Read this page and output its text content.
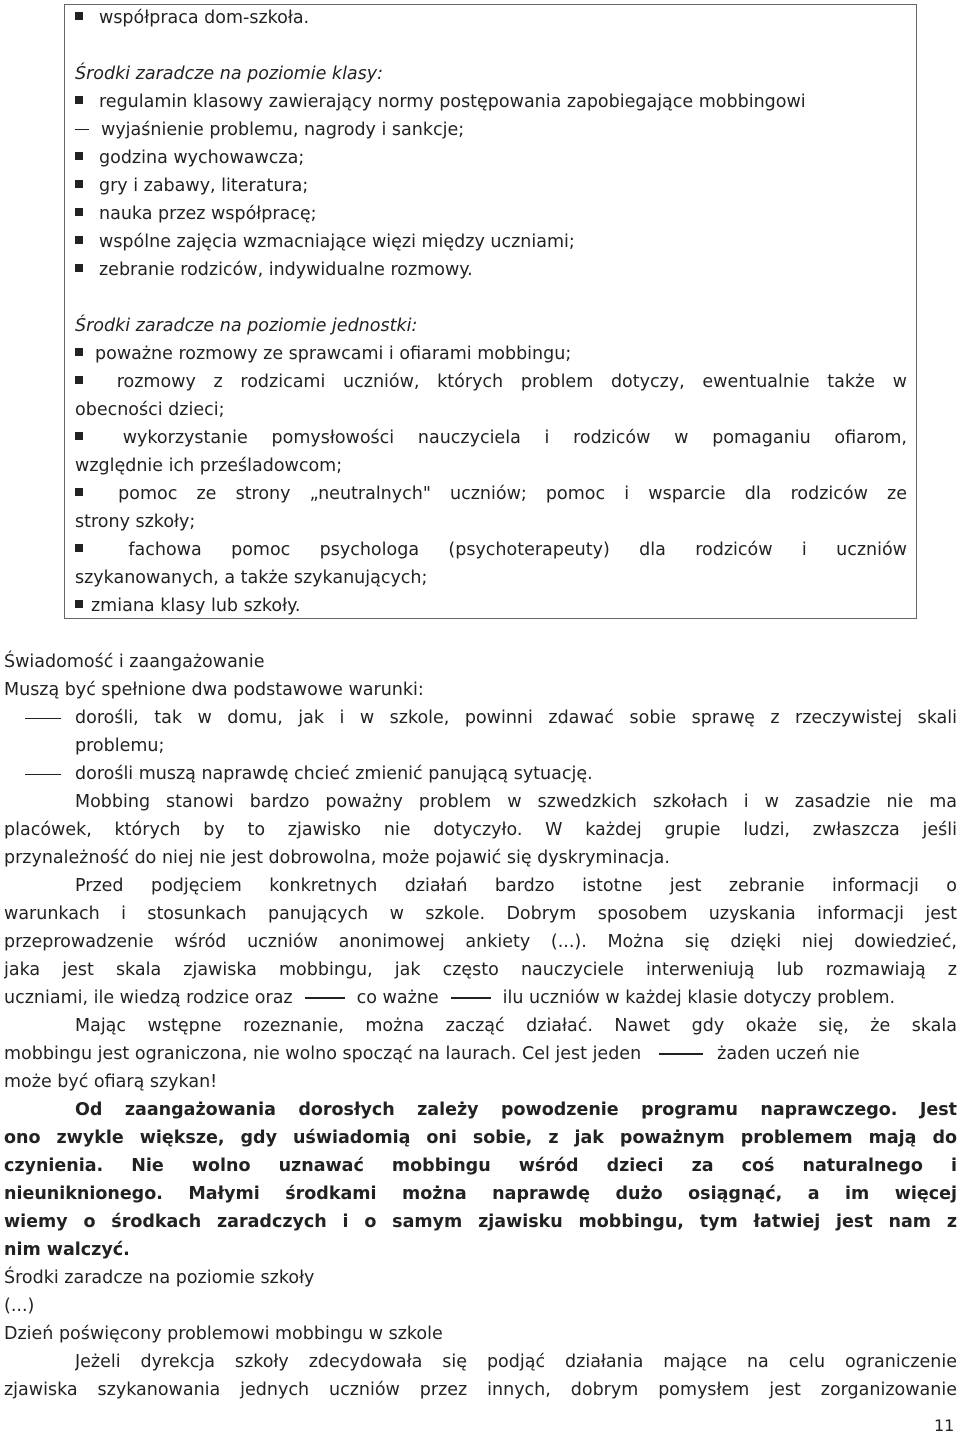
współpraca dom-szkoła.
Środki zaradcze na poziomie klasy:
regulamin klasowy zawierający normy postępowania zapobiegające mobbingowi
wyjaśnienie problemu, nagrody i sankcje;
godzina wychowawcza;
gry i zabawy, literatura;
nauka przez współpracę;
wspólne zajęcia wzmacniające więzi między uczniami;
zebranie rodziców, indywidualne rozmowy.
Środki zaradcze na poziomie jednostki:
poważne rozmowy ze sprawcami i ofiarami mobbingu;
rozmowy z rodzicami uczniów, których problem dotyczy, ewentualnie także w
obecności dzieci;
wykorzystanie pomysłowości nauczyciela i rodziców w pomaganiu ofiarom,
względnie ich prześladowcom;
pomoc ze strony „neutralnych" uczniów; pomoc i wsparcie dla rodziców ze
strony szkoły;
fachowa pomoc psychologa (psychoterapeuty) dla rodziców i uczniów
szykanowanych, a także szykanujących;
zmiana klasy lub szkoły.
Świadomość i zaangażowanie
Muszą być spełnione dwa podstawowe warunki:
dorośli, tak w domu, jak i w szkole, powinni zdawać sobie sprawę z rzeczywistej skali
problemu;
dorośli muszą naprawdę chcieć zmienić panującą sytuację.
Mobbing stanowi bardzo poważny problem w szwedzkich szkołach i w zasadzie nie ma
placówek, których by to zjawisko nie dotyczyło. W każdej grupie ludzi, zwłaszcza jeśli
przynależność do niej nie jest dobrowolna, może pojawić się dyskryminacja.
Przed podjęciem konkretnych działań bardzo istotne jest zebranie informacji o
warunkach i stosunkach panujących w szkole. Dobrym sposobem uzyskania informacji jest
przeprowadzenie wśród uczniów anonimowej ankiety (...). Można się dzięki niej dowiedzieć,
jaka jest skala zjawiska mobbingu, jak często nauczyciele interweniują lub rozmawiają z
uczniami, ile wiedzą rodzice oraz	co ważne	ilu uczniów w każdej klasie dotyczy problem.
Mając wstępne rozeznanie, można zacząć działać. Nawet gdy okaże się, że skala
mobbingu jest ograniczona, nie wolno spocząć na laurach. Cel jest jeden	żaden uczeń nie
może być ofiarą szykan!
Od zaangażowania dorosłych zależy powodzenie programu naprawczego. Jest
ono zwykle większe, gdy uświadomią oni sobie, z jak poważnym problemem mają do
czynienia. Nie wolno uznawać mobbingu wśród dzieci za coś naturalnego i
nieuniknionego. Małymi środkami można naprawdę dużo osiągnąć, a im więcej
wiemy o środkach zaradczych i o samym zjawisku mobbingu, tym łatwiej jest nam z
nim walczyć.
Środki zaradcze na poziomie szkoły
(...)
Dzień poświęcony problemowi mobbingu w szkole
Jeżeli dyrekcja szkoły zdecydowała się podjąć działania mające na celu ograniczenie
zjawiska szykanowania jednych uczniów przez innych, dobrym pomysłem jest zorganizowanie
11
